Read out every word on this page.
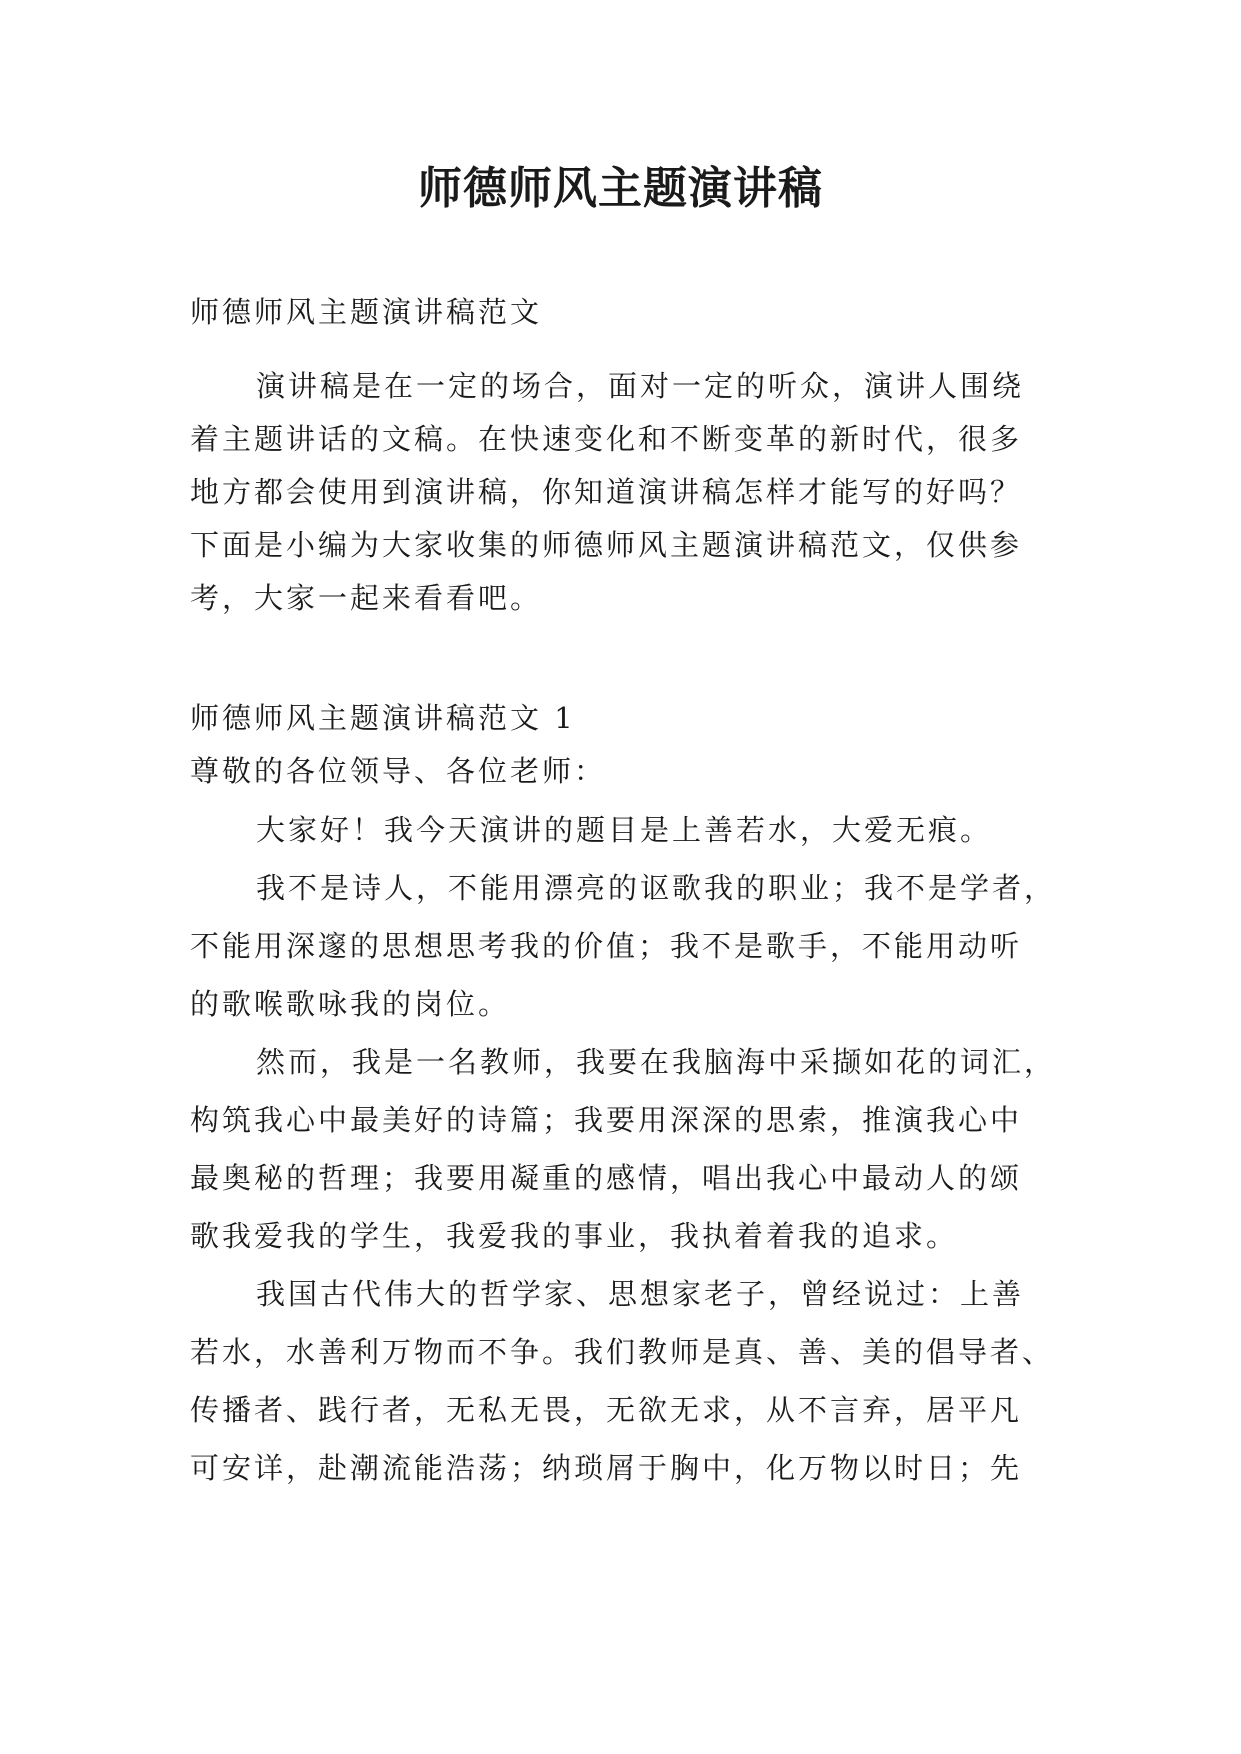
师德师风主题演讲稿
师德师风主题演讲稿范文
演讲稿是在一定的场合，面对一定的听众，演讲人围绕
着主题讲话的文稿。在快速变化和不断变革的新时代，很多
地方都会使用到演讲稿，你知道演讲稿怎样才能写的好吗？
下面是小编为大家收集的师德师风主题演讲稿范文，仅供参
考，大家一起来看看吧。
师德师风主题演讲稿范文 1
尊敬的各位领导、各位老师：
大家好！我今天演讲的题目是上善若水，大爱无痕。
我不是诗人，不能用漂亮的讴歌我的职业；我不是学者，
不能用深邃的思想思考我的价值；我不是歌手，不能用动听
的歌喉歌咏我的岗位。
然而，我是一名教师，我要在我脑海中采撷如花的词汇，
构筑我心中最美好的诗篇；我要用深深的思索，推演我心中
最奥秘的哲理；我要用凝重的感情，唱出我心中最动人的颂
歌我爱我的学生，我爱我的事业，我执着着我的追求。
我国古代伟大的哲学家、思想家老子，曾经说过：上善
若水，水善利万物而不争。我们教师是真、善、美的倡导者、
传播者、践行者，无私无畏，无欲无求，从不言弃，居平凡
可安详，赴潮流能浩荡；纳琐屑于胸中，化万物以时日；先
